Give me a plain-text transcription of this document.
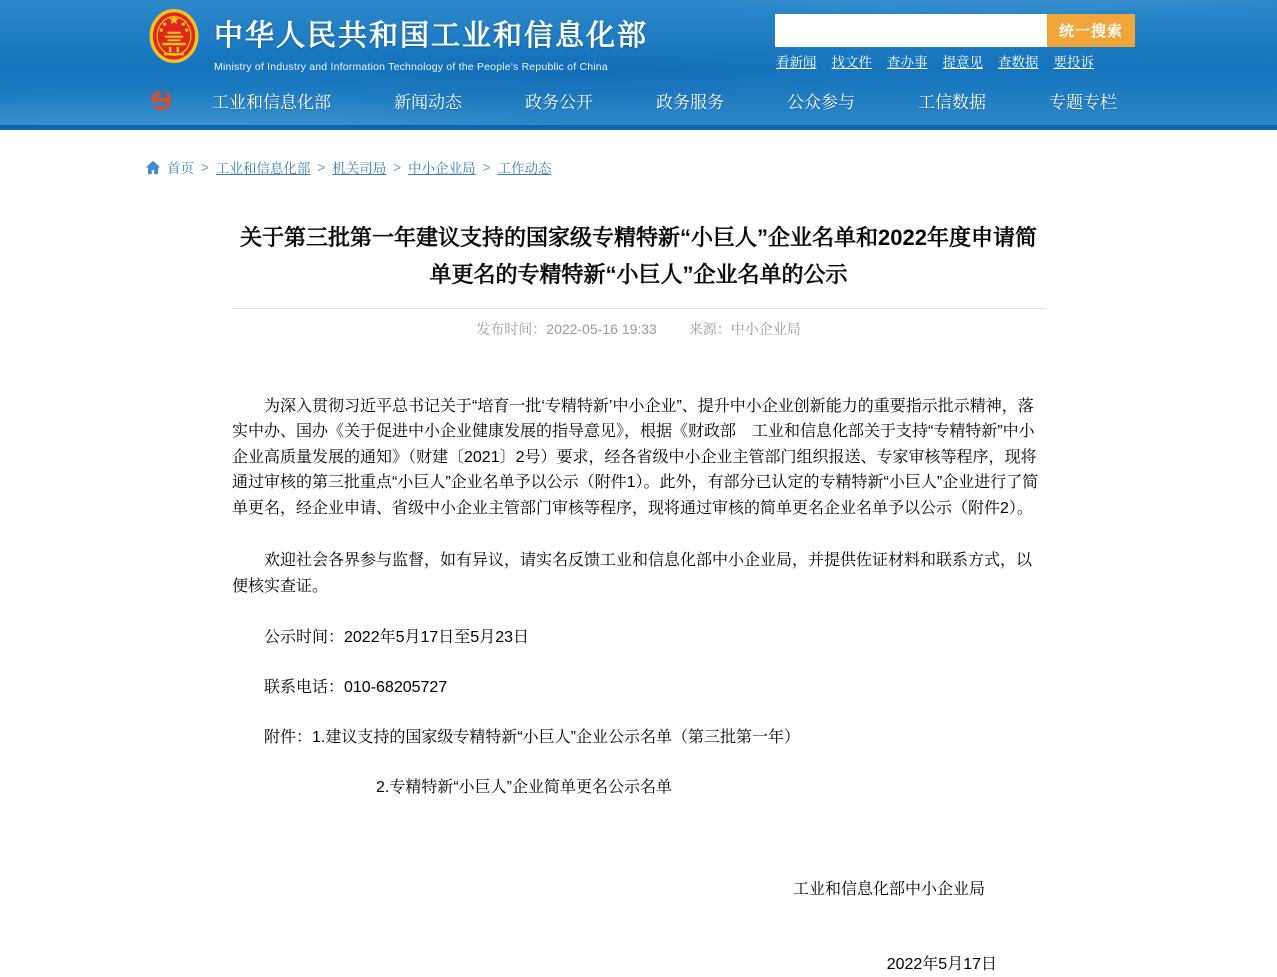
中华人民共和国工业和信息化部
Ministry of Industry and Information Technology of the People's Republic of China
统一搜索
看新闻 找文件 查办事 提意见 查数据 要投诉
工业和信息化部	新闻动态	政务公开	政务服务	公众参与	工信数据	专题专栏
首页 > 工业和信息化部 > 机关司局 > 中小企业局 > 工作动态
关于第三批第一年建议支持的国家级专精特新“小巨人”企业名单和2022年度申请简单更名的专精特新“小巨人”企业名单的公示
发布时间：2022-05-16 19:33 来源：中小企业局

为深入贯彻习近平总书记关于“培育一批‘专精特新’中小企业”、提升中小企业创新能力的重要指示批示精神，落实中办、国办《关于促进中小企业健康发展的指导意见》，根据《财政部　工业和信息化部关于支持“专精特新”中小企业高质量发展的通知》（财建〔2021〕2号）要求，经各省级中小企业主管部门组织报送、专家审核等程序，现将通过审核的第三批重点“小巨人”企业名单予以公示（附件1）。此外，有部分已认定的专精特新“小巨人”企业进行了简单更名，经企业申请、省级中小企业主管部门审核等程序，现将通过审核的简单更名企业名单予以公示（附件2）。

欢迎社会各界参与监督，如有异议，请实名反馈工业和信息化部中小企业局，并提供佐证材料和联系方式，以便核实查证。

公示时间：2022年5月17日至5月23日

联系电话：010-68205727

附件：1.建议支持的国家级专精特新“小巨人”企业公示名单（第三批第一年）

2.专精特新“小巨人”企业简单更名公示名单

工业和信息化部中小企业局
2022年5月17日
